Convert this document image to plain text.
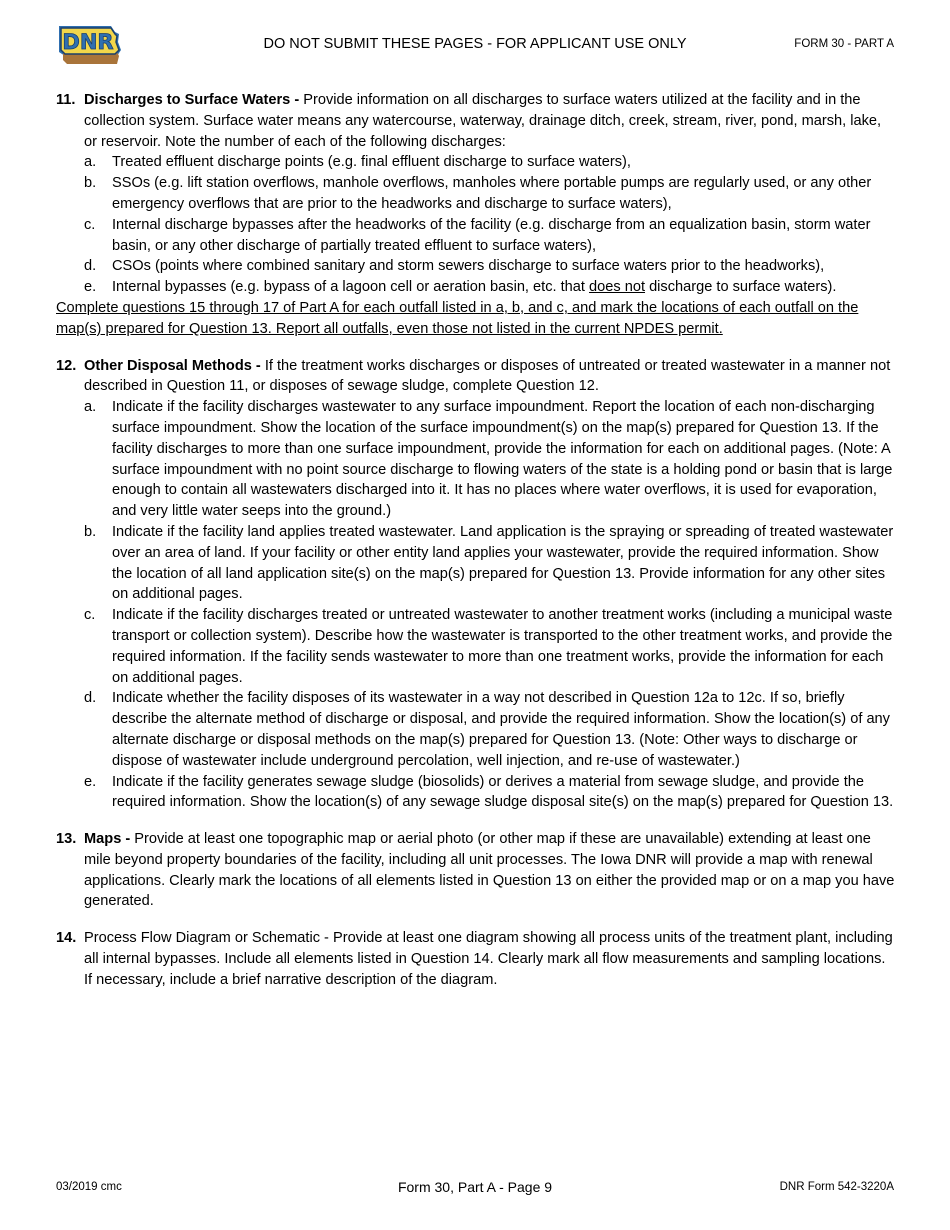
DNR	DO NOT SUBMIT THESE PAGES - FOR APPLICANT USE ONLY	FORM 30 - PART A
11. Discharges to Surface Waters - Provide information on all discharges to surface waters utilized at the facility and in the collection system. Surface water means any watercourse, waterway, drainage ditch, creek, stream, river, pond, marsh, lake, or reservoir. Note the number of each of the following discharges:
a. Treated effluent discharge points (e.g. final effluent discharge to surface waters),
b. SSOs (e.g. lift station overflows, manhole overflows, manholes where portable pumps are regularly used, or any other emergency overflows that are prior to the headworks and discharge to surface waters),
c. Internal discharge bypasses after the headworks of the facility (e.g. discharge from an equalization basin, storm water basin, or any other discharge of partially treated effluent to surface waters),
d. CSOs (points where combined sanitary and storm sewers discharge to surface waters prior to the headworks),
e. Internal bypasses (e.g. bypass of a lagoon cell or aeration basin, etc. that does not discharge to surface waters).
Complete questions 15 through 17 of Part A for each outfall listed in a, b, and c, and mark the locations of each outfall on the map(s) prepared for Question 13. Report all outfalls, even those not listed in the current NPDES permit.
12. Other Disposal Methods - If the treatment works discharges or disposes of untreated or treated wastewater in a manner not described in Question 11, or disposes of sewage sludge, complete Question 12.
a. Indicate if the facility discharges wastewater to any surface impoundment. Report the location of each non-discharging surface impoundment. Show the location of the surface impoundment(s) on the map(s) prepared for Question 13. If the facility discharges to more than one surface impoundment, provide the information for each on additional pages. (Note: A surface impoundment with no point source discharge to flowing waters of the state is a holding pond or basin that is large enough to contain all wastewaters discharged into it. It has no places where water overflows, it is used for evaporation, and very little water seeps into the ground.)
b. Indicate if the facility land applies treated wastewater. Land application is the spraying or spreading of treated wastewater over an area of land. If your facility or other entity land applies your wastewater, provide the required information. Show the location of all land application site(s) on the map(s) prepared for Question 13. Provide information for any other sites on additional pages.
c. Indicate if the facility discharges treated or untreated wastewater to another treatment works (including a municipal waste transport or collection system). Describe how the wastewater is transported to the other treatment works, and provide the required information. If the facility sends wastewater to more than one treatment works, provide the information for each on additional pages.
d. Indicate whether the facility disposes of its wastewater in a way not described in Question 12a to 12c. If so, briefly describe the alternate method of discharge or disposal, and provide the required information. Show the location(s) of any alternate discharge or disposal methods on the map(s) prepared for Question 13. (Note: Other ways to discharge or dispose of wastewater include underground percolation, well injection, and re-use of wastewater.)
e. Indicate if the facility generates sewage sludge (biosolids) or derives a material from sewage sludge, and provide the required information. Show the location(s) of any sewage sludge disposal site(s) on the map(s) prepared for Question 13.
13. Maps - Provide at least one topographic map or aerial photo (or other map if these are unavailable) extending at least one mile beyond property boundaries of the facility, including all unit processes. The Iowa DNR will provide a map with renewal applications. Clearly mark the locations of all elements listed in Question 13 on either the provided map or on a map you have generated.
14. Process Flow Diagram or Schematic - Provide at least one diagram showing all process units of the treatment plant, including all internal bypasses. Include all elements listed in Question 14. Clearly mark all flow measurements and sampling locations. If necessary, include a brief narrative description of the diagram.
03/2019 cmc	Form 30, Part A - Page 9	DNR Form 542-3220A
